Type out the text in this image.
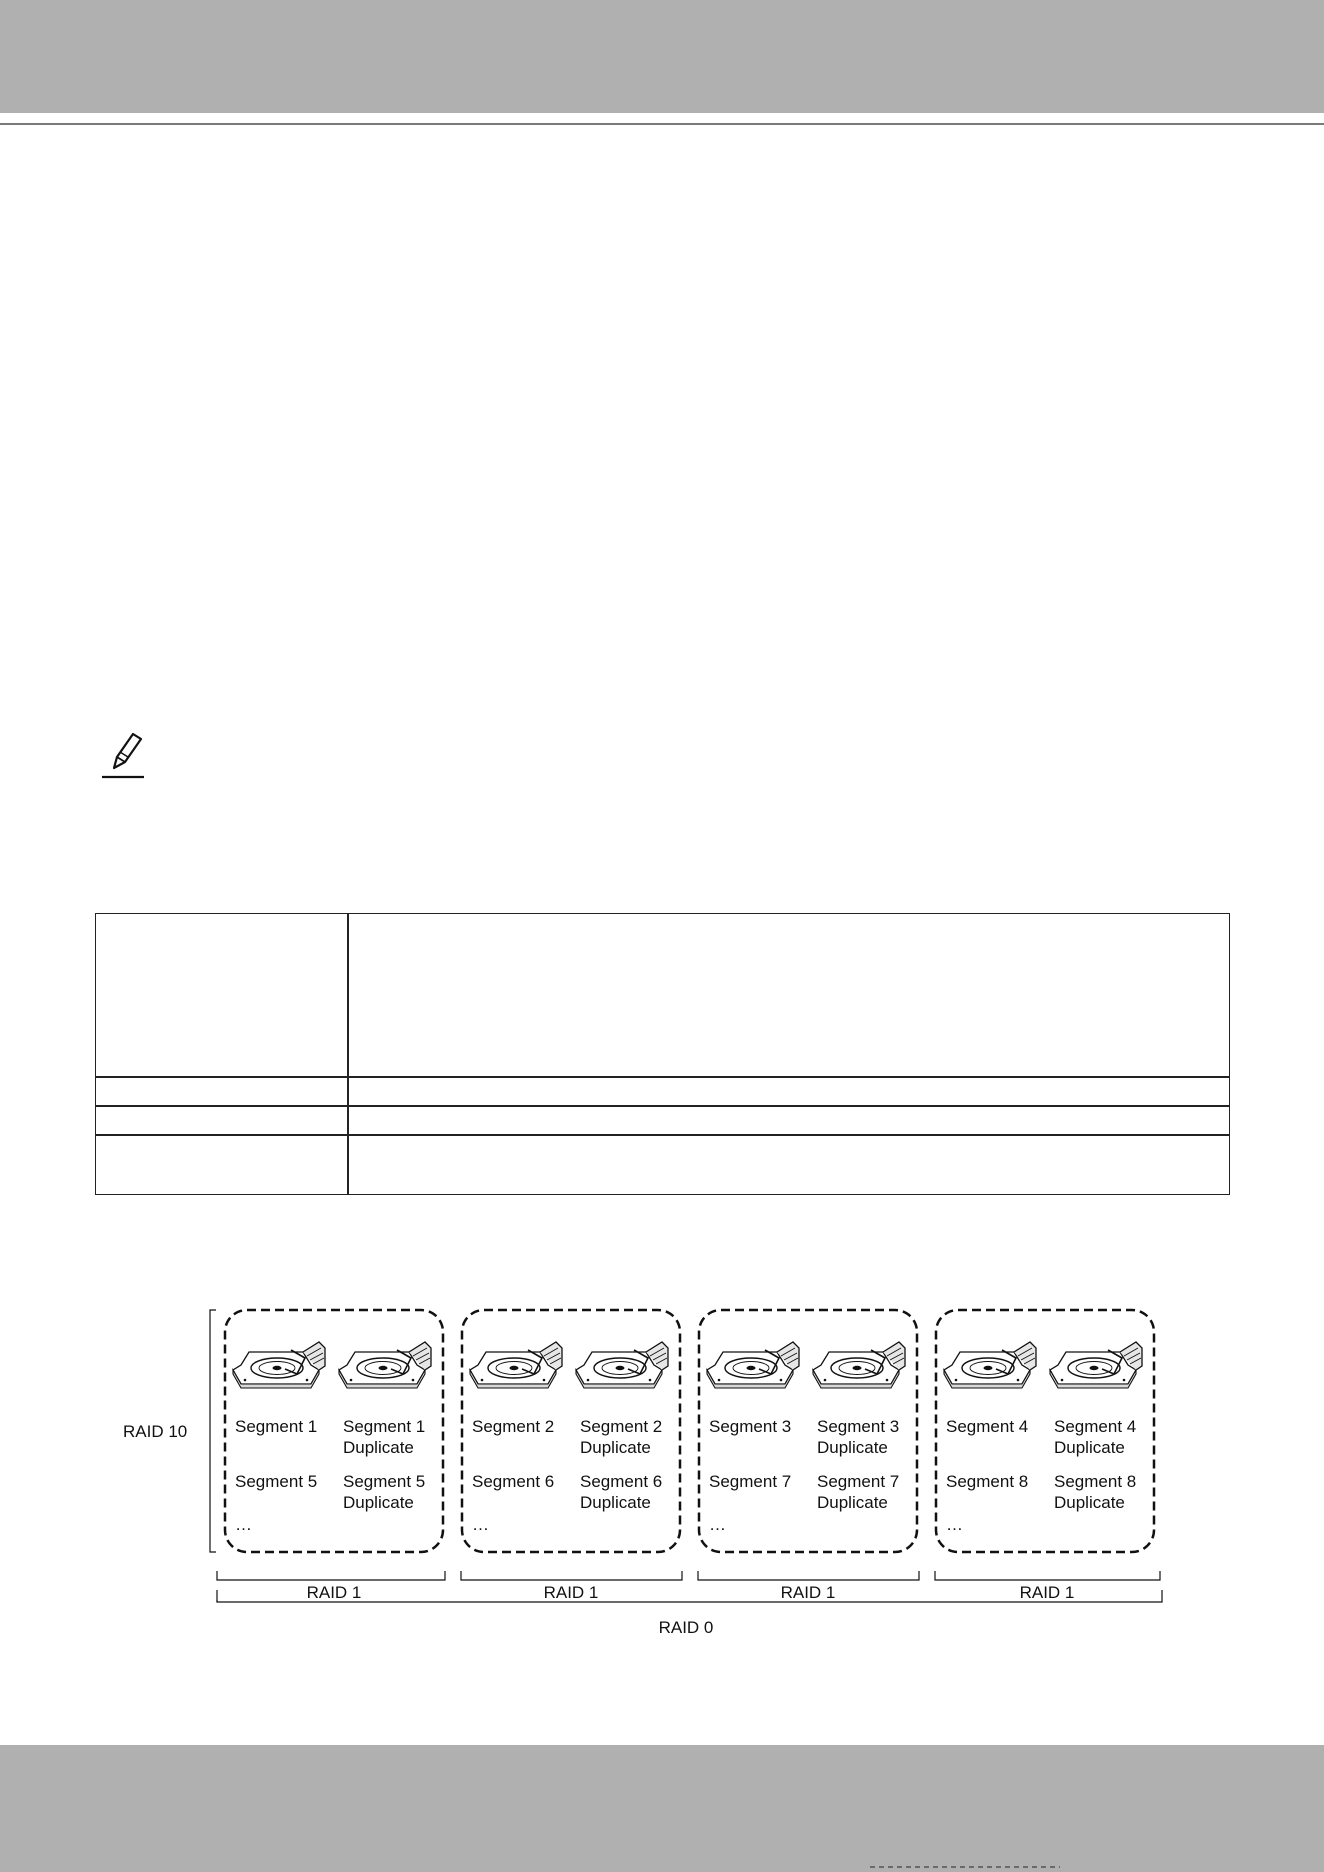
RAID 10	Segment 1 Segment 1
Duplicate
Segment 5 Segment 5
Duplicate
…
RAID 1
Segment 2 Segment 2
Duplicate
Segment 6 Segment 6
Duplicate
…
RAID 1
Segment 3 Segment 3
Duplicate
Segment 7 Segment 7
Duplicate
…
RAID 1
Segment 4 Segment 4
Duplicate
Segment 8 Segment 8
Duplicate
…
RAID 1
RAID 0
